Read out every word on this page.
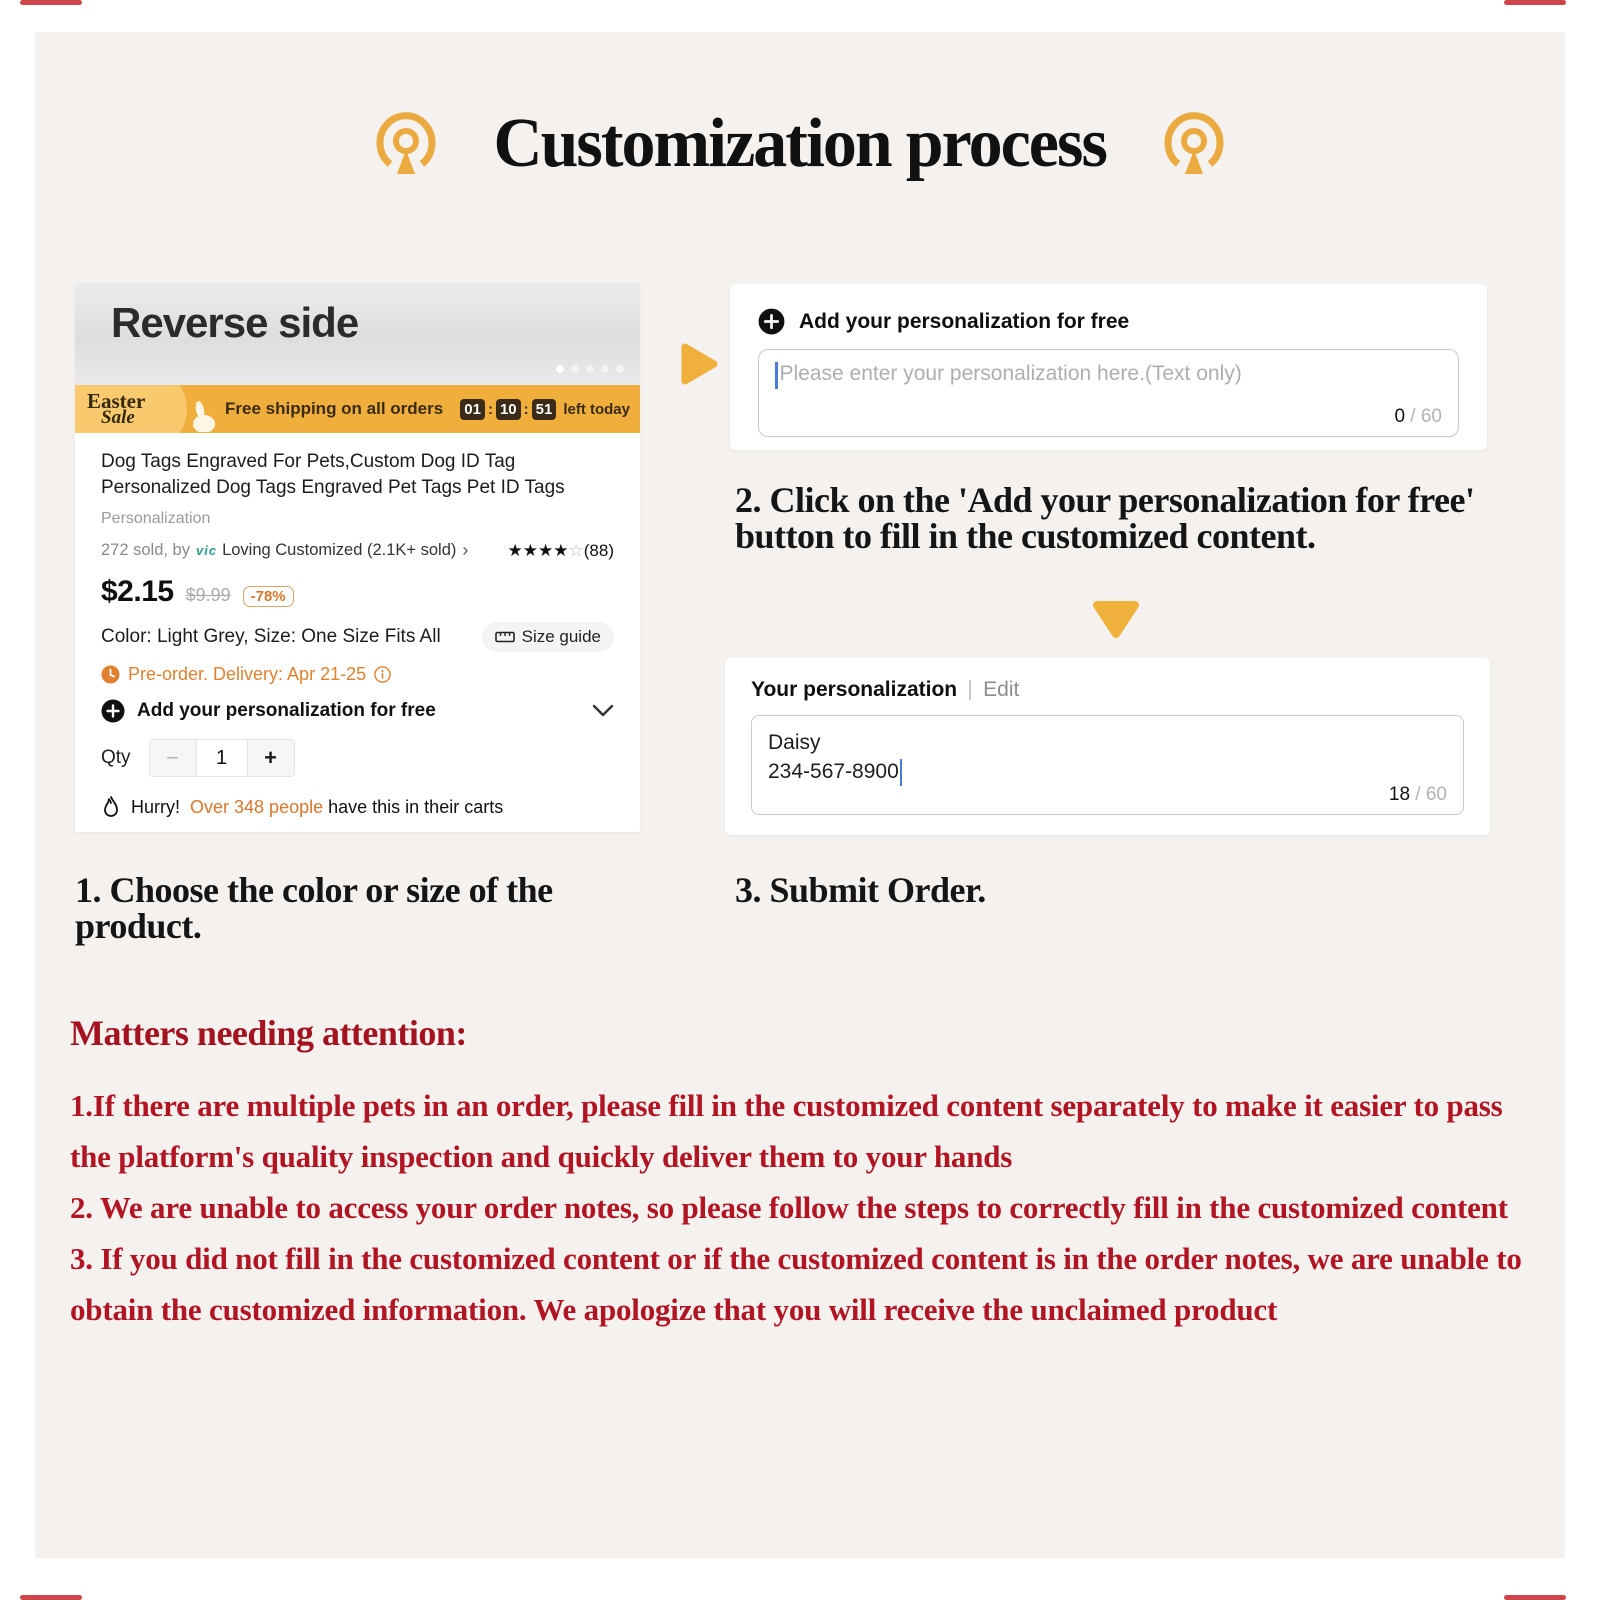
Customization process
Reverse side
Easter
Sale	Free shipping on all orders	01 : 10 : 51 left today
Dog Tags Engraved For Pets,Custom Dog ID Tag Personalized Dog Tags Engraved Pet Tags Pet ID Tags
Personalization
272 sold, by vic Loving Customized (2.1K+ sold) › ★★★★☆(88)
$2.15 $9.99	-78%
Color: Light Grey, Size: One Size Fits All	Size guide
Pre-order. Delivery: Apr 21-25
Add your personalization for free
Qty	−	1	+
Hurry! Over 348 people have this in their carts
Add your personalization for free
Please enter your personalization here.(Text only)
0 / 60
2. Click on the 'Add your personalization for free' button to fill in the customized content.
Your personalization Edit
Daisy
234-567-8900
18 / 60
1. Choose the color or size of the product.
3. Submit Order.
Matters needing attention:

1.If there are multiple pets in an order, please fill in the customized content separately to make it easier to pass the platform's quality inspection and quickly deliver them to your hands

2. We are unable to access your order notes, so please follow the steps to correctly fill in the customized content

3. If you did not fill in the customized content or if the customized content is in the order notes, we are unable to obtain the customized information. We apologize that you will receive the unclaimed product
